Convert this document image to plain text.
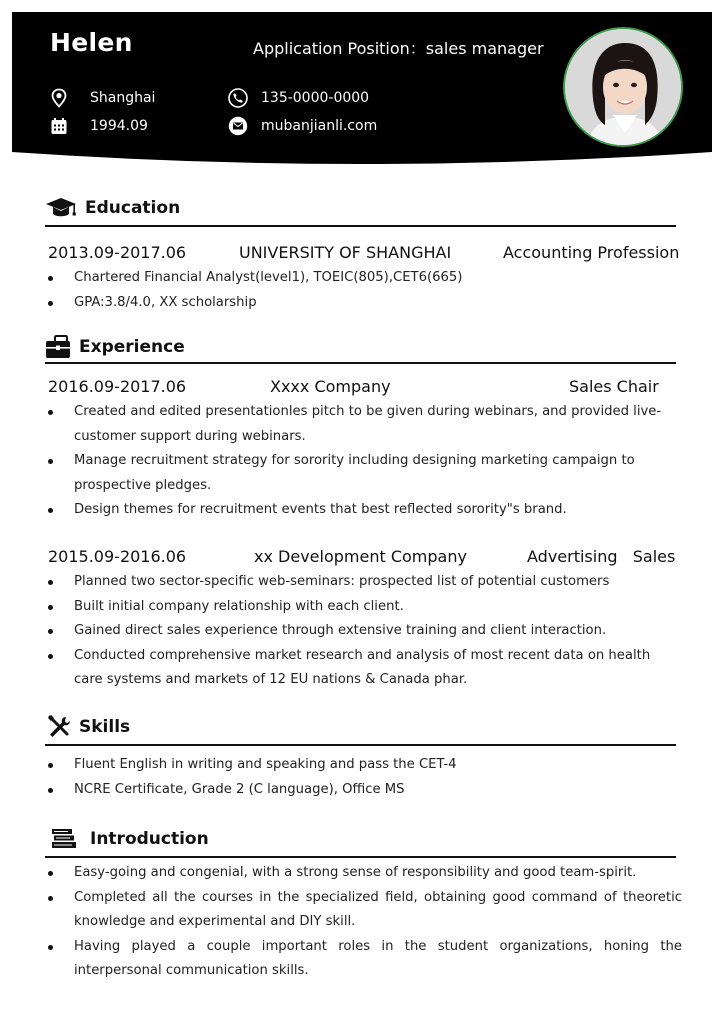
Helen	Application Position：sales manager
Shanghai
1994.09
135-0000-0000
mubanjianli.com
Education
2013.09-2017.06	UNIVERSITY OF SHANGHAI	Accounting Profession
Chartered Financial Analyst(level1), TOEIC(805),CET6(665)
GPA:3.8/4.0, XX scholarship
Experience
2016.09-2017.06	Xxxx Company	Sales Chair
Created and edited presentationles pitch to be given during webinars, and provided live-customer support during webinars.
Manage recruitment strategy for sorority including designing marketing campaign to prospective pledges.
Design themes for recruitment events that best reflected sorority"s brand.
2015.09-2016.06	xx Development Company	Advertising   Sales
Planned two sector-specific web-seminars: prospected list of potential customers
Built initial company relationship with each client.
Gained direct sales experience through extensive training and client interaction.
Conducted comprehensive market research and analysis of most recent data on health care systems and markets of 12 EU nations & Canada phar.
Skills
Fluent English in writing and speaking and pass the CET-4
NCRE Certificate, Grade 2 (C language), Office MS
Introduction
Easy-going and congenial, with a strong sense of responsibility and good team-spirit.
Completed all the courses in the specialized field, obtaining good command of theoretic knowledge and experimental and DIY skill.
Having played a couple important roles in the student organizations, honing the interpersonal communication skills.
